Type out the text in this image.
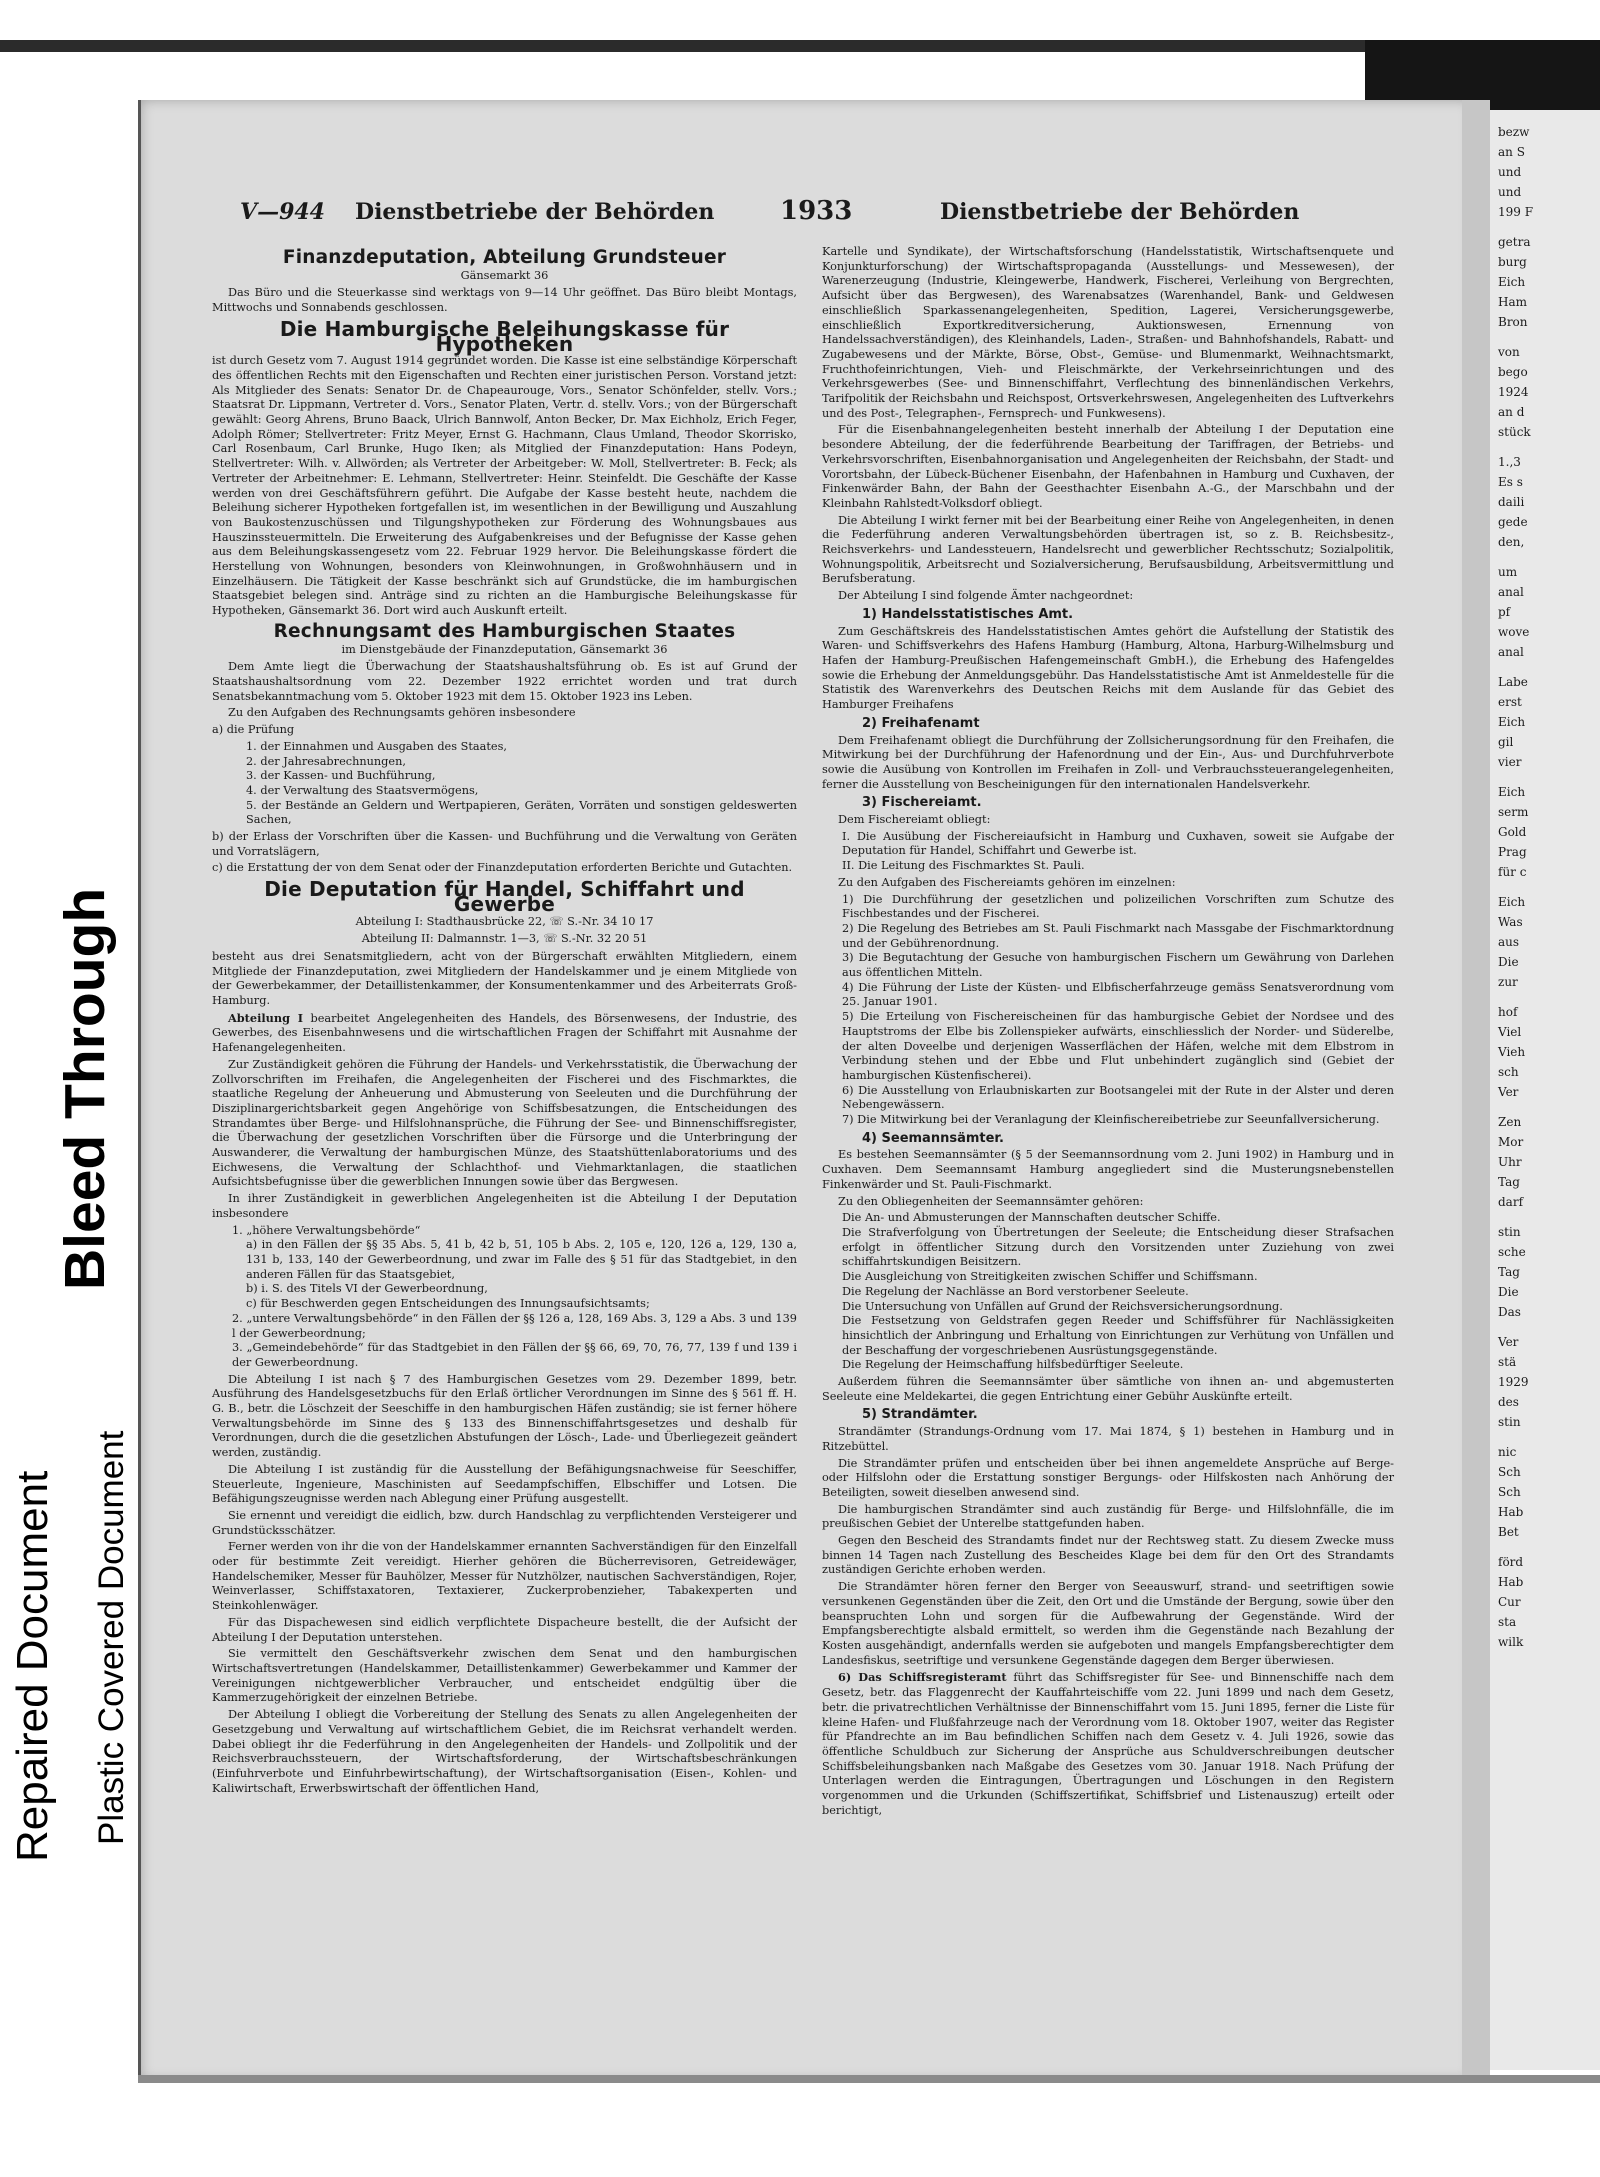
bezw
an S
und
und
199 F
getra
burg
Eich
Ham
Bron
von
bego
1924
an d
stück
1.,3
Es s
daili
gede
den,
um
anal
pf
wove
anal
Labe
erst
Eich
gil
vier
Eich
serm
Gold
Prag
für c
Eich
Was
aus
Die
zur
hof
Viel
Vieh
sch
Ver
Zen
Mor
Uhr
Tag
darf
stin
sche
Tag
Die
Das
Ver
stä
1929
des
stin
nic
Sch
Sch
Hab
Bet
förd
Hab
Cur
sta
wilk
Repaired Document Plastic Covered Document
Bleed Through
V—944 Dienstbetriebe der Behörden	1933	Dienstbetriebe der Behörden
Finanzdeputation, Abteilung Grundsteuer
Gänsemarkt 36

Das Büro und die Steuerkasse sind werktags von 9—14 Uhr geöffnet. Das Büro bleibt Montags, Mittwochs und Sonnabends geschlossen.

Die Hamburgische Beleihungskasse für Hypotheken

ist durch Gesetz vom 7. August 1914 gegründet worden. Die Kasse ist eine selbständige Körperschaft des öffentlichen Rechts mit den Eigenschaften und Rechten einer juristischen Person. Vorstand jetzt: Als Mitglieder des Senats: Senator Dr. de Chapeaurouge, Vors., Senator Schönfelder, stellv. Vors.; Staatsrat Dr. Lippmann, Vertreter d. Vors., Senator Platen, Vertr. d. stellv. Vors.; von der Bürgerschaft gewählt: Georg Ahrens, Bruno Baack, Ulrich Bannwolf, Anton Becker, Dr. Max Eichholz, Erich Feger, Adolph Römer; Stellvertreter: Fritz Meyer, Ernst G. Hachmann, Claus Umland, Theodor Skorrisko, Carl Rosenbaum, Carl Brunke, Hugo Iken; als Mitglied der Finanzdeputation: Hans Podeyn, Stellvertreter: Wilh. v. Allwörden; als Vertreter der Arbeitgeber: W. Moll, Stellvertreter: B. Feck; als Vertreter der Arbeitnehmer: E. Lehmann, Stellvertreter: Heinr. Steinfeldt. Die Geschäfte der Kasse werden von drei Geschäftsführern geführt. Die Aufgabe der Kasse besteht heute, nachdem die Beleihung sicherer Hypotheken fortgefallen ist, im wesentlichen in der Bewilligung und Auszahlung von Baukostenzuschüssen und Tilgungshypotheken zur Förderung des Wohnungsbaues aus Hauszinssteuermitteln. Die Erweiterung des Aufgabenkreises und der Befugnisse der Kasse gehen aus dem Beleihungskassengesetz vom 22. Februar 1929 hervor. Die Beleihungskasse fördert die Herstellung von Wohnungen, besonders von Kleinwohnungen, in Großwohnhäusern und in Einzelhäusern. Die Tätigkeit der Kasse beschränkt sich auf Grundstücke, die im hamburgischen Staatsgebiet belegen sind. Anträge sind zu richten an die Hamburgische Beleihungskasse für Hypotheken, Gänsemarkt 36. Dort wird auch Auskunft erteilt.

Rechnungsamt des Hamburgischen Staates
im Dienstgebäude der Finanzdeputation, Gänsemarkt 36

Dem Amte liegt die Überwachung der Staatshaushaltsführung ob. Es ist auf Grund der Staatshaushaltsordnung vom 22. Dezember 1922 errichtet worden und trat durch Senatsbekanntmachung vom 5. Oktober 1923 mit dem 15. Oktober 1923 ins Leben.

Zu den Aufgaben des Rechnungsamts gehören insbesondere

a) die Prüfung

1. der Einnahmen und Ausgaben des Staates,
2. der Jahresabrechnungen,
3. der Kassen- und Buchführung,
4. der Verwaltung des Staatsvermögens,
5. der Bestände an Geldern und Wertpapieren, Geräten, Vorräten und sonstigen geldeswerten Sachen,

b) der Erlass der Vorschriften über die Kassen- und Buchführung und die Verwaltung von Geräten und Vorratslägern,

c) die Erstattung der von dem Senat oder der Finanzdeputation erforderten Berichte und Gutachten.

Die Deputation für Handel, Schiffahrt und Gewerbe
Abteilung I: Stadthausbrücke 22, ☏ S.-Nr. 34 10 17
Abteilung II: Dalmannstr. 1—3, ☏ S.-Nr. 32 20 51

besteht aus drei Senatsmitgliedern, acht von der Bürgerschaft erwählten Mitgliedern, einem Mitgliede der Finanzdeputation, zwei Mitgliedern der Handelskammer und je einem Mitgliede von der Gewerbekammer, der Detaillistenkammer, der Konsumentenkammer und des Arbeiterrats Groß-Hamburg.

Abteilung I bearbeitet Angelegenheiten des Handels, des Börsenwesens, der Industrie, des Gewerbes, des Eisenbahnwesens und die wirtschaftlichen Fragen der Schiffahrt mit Ausnahme der Hafenangelegenheiten.

Zur Zuständigkeit gehören die Führung der Handels- und Verkehrsstatistik, die Überwachung der Zollvorschriften im Freihafen, die Angelegenheiten der Fischerei und des Fischmarktes, die staatliche Regelung der Anheuerung und Abmusterung von Seeleuten und die Durchführung der Disziplinargerichtsbarkeit gegen Angehörige von Schiffsbesatzungen, die Entscheidungen des Strandamtes über Berge- und Hilfslohnansprüche, die Führung der See- und Binnenschiffsregister, die Überwachung der gesetzlichen Vorschriften über die Fürsorge und die Unterbringung der Auswanderer, die Verwaltung der hamburgischen Münze, des Staatshüttenlaboratoriums und des Eichwesens, die Verwaltung der Schlachthof- und Viehmarktanlagen, die staatlichen Aufsichtsbefugnisse über die gewerblichen Innungen sowie über das Bergwesen.

In ihrer Zuständigkeit in gewerblichen Angelegenheiten ist die Abteilung I der Deputation insbesondere

1. „höhere Verwaltungsbehörde“
a) in den Fällen der §§ 35 Abs. 5, 41 b, 42 b, 51, 105 b Abs. 2, 105 e, 120, 126 a, 129, 130 a, 131 b, 133, 140 der Gewerbeordnung, und zwar im Falle des § 51 für das Stadtgebiet, in den anderen Fällen für das Staatsgebiet,
b) i. S. des Titels VI der Gewerbeordnung,
c) für Beschwerden gegen Entscheidungen des Innungsaufsichtsamts;
2. „untere Verwaltungsbehörde“ in den Fällen der §§ 126 a, 128, 169 Abs. 3, 129 a Abs. 3 und 139 l der Gewerbeordnung;
3. „Gemeindebehörde“ für das Stadtgebiet in den Fällen der §§ 66, 69, 70, 76, 77, 139 f und 139 i der Gewerbeordnung.

Die Abteilung I ist nach § 7 des Hamburgischen Gesetzes vom 29. Dezember 1899, betr. Ausführung des Handelsgesetzbuchs für den Erlaß örtlicher Verordnungen im Sinne des § 561 ff. H. G. B., betr. die Löschzeit der Seeschiffe in den hamburgischen Häfen zuständig; sie ist ferner höhere Verwaltungsbehörde im Sinne des § 133 des Binnenschiffahrtsgesetzes und deshalb für Verordnungen, durch die die gesetzlichen Abstufungen der Lösch-, Lade- und Überliegezeit geändert werden, zuständig.

Die Abteilung I ist zuständig für die Ausstellung der Befähigungsnachweise für Seeschiffer, Steuerleute, Ingenieure, Maschinisten auf Seedampfschiffen, Elbschiffer und Lotsen. Die Befähigungszeugnisse werden nach Ablegung einer Prüfung ausgestellt.

Sie ernennt und vereidigt die eidlich, bzw. durch Handschlag zu verpflichtenden Versteigerer und Grundstücksschätzer.

Ferner werden von ihr die von der Handelskammer ernannten Sachverständigen für den Einzelfall oder für bestimmte Zeit vereidigt. Hierher gehören die Bücherrevisoren, Getreidewäger, Handelschemiker, Messer für Bauhölzer, Messer für Nutzhölzer, nautischen Sachverständigen, Rojer, Weinverlasser, Schiffstaxatoren, Textaxierer, Zuckerprobenzieher, Tabakexperten und Steinkohlenwäger.

Für das Dispachewesen sind eidlich verpflichtete Dispacheure bestellt, die der Aufsicht der Abteilung I der Deputation unterstehen.

Sie vermittelt den Geschäftsverkehr zwischen dem Senat und den hamburgischen Wirtschaftsvertretungen (Handelskammer, Detaillistenkammer) Gewerbekammer und Kammer der Vereinigungen nichtgewerblicher Verbraucher, und entscheidet endgültig über die Kammerzugehörigkeit der einzelnen Betriebe.

Der Abteilung I obliegt die Vorbereitung der Stellung des Senats zu allen Angelegenheiten der Gesetzgebung und Verwaltung auf wirtschaftlichem Gebiet, die im Reichsrat verhandelt werden. Dabei obliegt ihr die Federführung in den Angelegenheiten der Handels- und Zollpolitik und der Reichsverbrauchssteuern, der Wirtschaftsforderung, der Wirtschaftsbeschränkungen (Einfuhrverbote und Einfuhrbewirtschaftung), der Wirtschaftsorganisation (Eisen-, Kohlen- und Kaliwirtschaft, Erwerbswirtschaft der öffentlichen Hand,

Kartelle und Syndikate), der Wirtschaftsforschung (Handelsstatistik, Wirtschaftsenquete und Konjunkturforschung) der Wirtschaftspropaganda (Ausstellungs- und Messewesen), der Warenerzeugung (Industrie, Kleingewerbe, Handwerk, Fischerei, Verleihung von Bergrechten, Aufsicht über das Bergwesen), des Warenabsatzes (Warenhandel, Bank- und Geldwesen einschließlich Sparkassenangelegenheiten, Spedition, Lagerei, Versicherungsgewerbe, einschließlich Exportkreditversicherung, Auktionswesen, Ernennung von Handelssachverständigen), des Kleinhandels, Laden-, Straßen- und Bahnhofshandels, Rabatt- und Zugabewesens und der Märkte, Börse, Obst-, Gemüse- und Blumenmarkt, Weihnachtsmarkt, Fruchthofeinrichtungen, Vieh- und Fleischmärkte, der Verkehrseinrichtungen und des Verkehrsgewerbes (See- und Binnenschiffahrt, Verflechtung des binnenländischen Verkehrs, Tarifpolitik der Reichsbahn und Reichspost, Ortsverkehrswesen, Angelegenheiten des Luftverkehrs und des Post-, Telegraphen-, Fernsprech- und Funkwesens).

Für die Eisenbahnangelegenheiten besteht innerhalb der Abteilung I der Deputation eine besondere Abteilung, der die federführende Bearbeitung der Tariffragen, der Betriebs- und Verkehrsvorschriften, Eisenbahnorganisation und Angelegenheiten der Reichsbahn, der Stadt- und Vorortsbahn, der Lübeck-Büchener Eisenbahn, der Hafenbahnen in Hamburg und Cuxhaven, der Finkenwärder Bahn, der Bahn der Geesthachter Eisenbahn A.-G., der Marschbahn und der Kleinbahn Rahlstedt-Volksdorf obliegt.

Die Abteilung I wirkt ferner mit bei der Bearbeitung einer Reihe von Angelegenheiten, in denen die Federführung anderen Verwaltungsbehörden übertragen ist, so z. B. Reichsbesitz-, Reichsverkehrs- und Landessteuern, Handelsrecht und gewerblicher Rechtsschutz; Sozialpolitik, Wohnungspolitik, Arbeitsrecht und Sozialversicherung, Berufsausbildung, Arbeitsvermittlung und Berufsberatung.

Der Abteilung I sind folgende Ämter nachgeordnet:

1) Handelsstatistisches Amt.

Zum Geschäftskreis des Handelsstatistischen Amtes gehört die Aufstellung der Statistik des Waren- und Schiffsverkehrs des Hafens Hamburg (Hamburg, Altona, Harburg-Wilhelmsburg und Hafen der Hamburg-Preußischen Hafengemeinschaft GmbH.), die Erhebung des Hafengeldes sowie die Erhebung der Anmeldungsgebühr. Das Handelsstatistische Amt ist Anmeldestelle für die Statistik des Warenverkehrs des Deutschen Reichs mit dem Auslande für das Gebiet des Hamburger Freihafens

2) Freihafenamt

Dem Freihafenamt obliegt die Durchführung der Zollsicherungsordnung für den Freihafen, die Mitwirkung bei der Durchführung der Hafenordnung und der Ein-, Aus- und Durchfuhrverbote sowie die Ausübung von Kontrollen im Freihafen in Zoll- und Verbrauchssteuerangelegenheiten, ferner die Ausstellung von Bescheinigungen für den internationalen Handelsverkehr.

3) Fischereiamt.

Dem Fischereiamt obliegt:

I. Die Ausübung der Fischereiaufsicht in Hamburg und Cuxhaven, soweit sie Aufgabe der Deputation für Handel, Schiffahrt und Gewerbe ist.
II. Die Leitung des Fischmarktes St. Pauli.

Zu den Aufgaben des Fischereiamts gehören im einzelnen:

1) Die Durchführung der gesetzlichen und polizeilichen Vorschriften zum Schutze des Fischbestandes und der Fischerei.
2) Die Regelung des Betriebes am St. Pauli Fischmarkt nach Massgabe der Fischmarktordnung und der Gebührenordnung.
3) Die Begutachtung der Gesuche von hamburgischen Fischern um Gewährung von Darlehen aus öffentlichen Mitteln.
4) Die Führung der Liste der Küsten- und Elbfischerfahrzeuge gemäss Senatsverordnung vom 25. Januar 1901.
5) Die Erteilung von Fischereischeinen für das hamburgische Gebiet der Nordsee und des Hauptstroms der Elbe bis Zollenspieker aufwärts, einschliesslich der Norder- und Süderelbe, der alten Doveelbe und derjenigen Wasserflächen der Häfen, welche mit dem Elbstrom in Verbindung stehen und der Ebbe und Flut unbehindert zugänglich sind (Gebiet der hamburgischen Küstenfischerei).
6) Die Ausstellung von Erlaubniskarten zur Bootsangelei mit der Rute in der Alster und deren Nebengewässern.
7) Die Mitwirkung bei der Veranlagung der Kleinfischereibetriebe zur Seeunfallversicherung.
4) Seemannsämter.

Es bestehen Seemannsämter (§ 5 der Seemannsordnung vom 2. Juni 1902) in Hamburg und in Cuxhaven. Dem Seemannsamt Hamburg angegliedert sind die Musterungsnebenstellen Finkenwärder und St. Pauli-Fischmarkt.

Zu den Obliegenheiten der Seemannsämter gehören:

Die An- und Abmusterungen der Mannschaften deutscher Schiffe.
Die Strafverfolgung von Übertretungen der Seeleute; die Entscheidung dieser Strafsachen erfolgt in öffentlicher Sitzung durch den Vorsitzenden unter Zuziehung von zwei schiffahrtskundigen Beisitzern.
Die Ausgleichung von Streitigkeiten zwischen Schiffer und Schiffsmann.
Die Regelung der Nachlässe an Bord verstorbener Seeleute.
Die Untersuchung von Unfällen auf Grund der Reichsversicherungsordnung.
Die Festsetzung von Geldstrafen gegen Reeder und Schiffsführer für Nachlässigkeiten hinsichtlich der Anbringung und Erhaltung von Einrichtungen zur Verhütung von Unfällen und der Beschaffung der vorgeschriebenen Ausrüstungsgegenstände.
Die Regelung der Heimschaffung hilfsbedürftiger Seeleute.

Außerdem führen die Seemannsämter über sämtliche von ihnen an- und abgemusterten Seeleute eine Meldekartei, die gegen Entrichtung einer Gebühr Auskünfte erteilt.

5) Strandämter.

Strandämter (Strandungs-Ordnung vom 17. Mai 1874, § 1) bestehen in Hamburg und in Ritzebüttel.

Die Strandämter prüfen und entscheiden über bei ihnen angemeldete Ansprüche auf Berge- oder Hilfslohn oder die Erstattung sonstiger Bergungs- oder Hilfskosten nach Anhörung der Beteiligten, soweit dieselben anwesend sind.

Die hamburgischen Strandämter sind auch zuständig für Berge- und Hilfslohnfälle, die im preußischen Gebiet der Unterelbe stattgefunden haben.

Gegen den Bescheid des Strandamts findet nur der Rechtsweg statt. Zu diesem Zwecke muss binnen 14 Tagen nach Zustellung des Bescheides Klage bei dem für den Ort des Strandamts zuständigen Gerichte erhoben werden.

Die Strandämter hören ferner den Berger von Seeauswurf, strand- und seetriftigen sowie versunkenen Gegenständen über die Zeit, den Ort und die Umstände der Bergung, sowie über den beanspruchten Lohn und sorgen für die Aufbewahrung der Gegenstände. Wird der Empfangsberechtigte alsbald ermittelt, so werden ihm die Gegenstände nach Bezahlung der Kosten ausgehändigt, andernfalls werden sie aufgeboten und mangels Empfangsberechtigter dem Landesfiskus, seetriftige und versunkene Gegenstände dagegen dem Berger überwiesen.

6) Das Schiffsregisteramt führt das Schiffsregister für See- und Binnenschiffe nach dem Gesetz, betr. das Flaggenrecht der Kauffahrteischiffe vom 22. Juni 1899 und nach dem Gesetz, betr. die privatrechtlichen Verhältnisse der Binnenschiffahrt vom 15. Juni 1895, ferner die Liste für kleine Hafen- und Flußfahrzeuge nach der Verordnung vom 18. Oktober 1907, weiter das Register für Pfandrechte an im Bau befindlichen Schiffen nach dem Gesetz v. 4. Juli 1926, sowie das öffentliche Schuldbuch zur Sicherung der Ansprüche aus Schuldverschreibungen deutscher Schiffsbeleihungsbanken nach Maßgabe des Gesetzes vom 30. Januar 1918. Nach Prüfung der Unterlagen werden die Eintragungen, Übertragungen und Löschungen in den Registern vorgenommen und die Urkunden (Schiffszertifikat, Schiffsbrief und Listenauszug) erteilt oder berichtigt,
